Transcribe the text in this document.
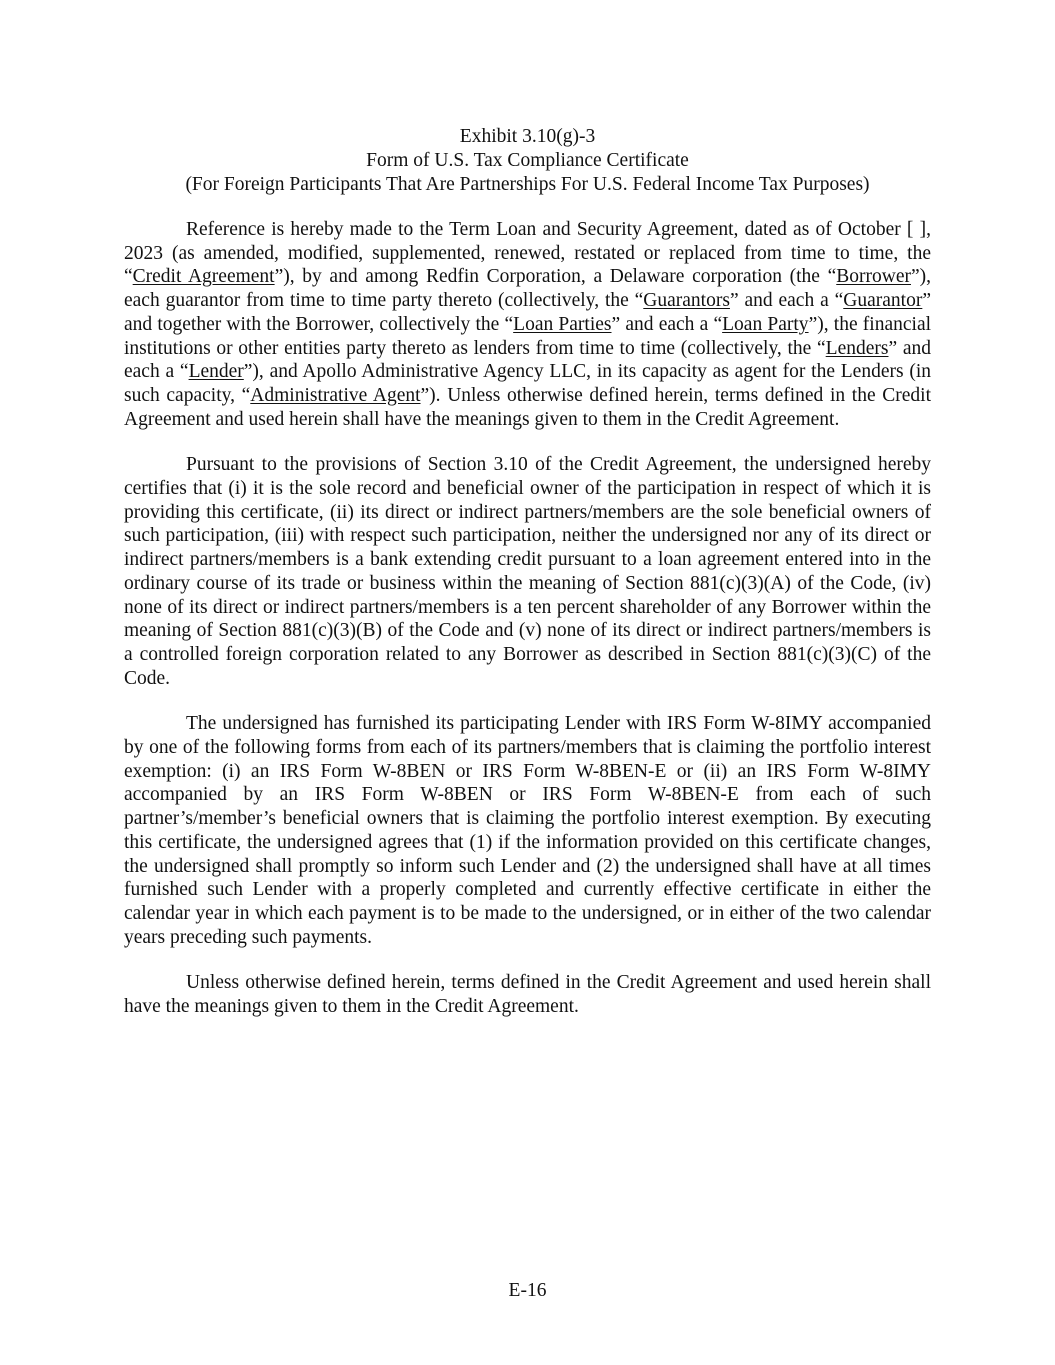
Exhibit 3.10(g)-3
Form of U.S. Tax Compliance Certificate
(For Foreign Participants That Are Partnerships For U.S. Federal Income Tax Purposes)

Reference is hereby made to the Term Loan and Security Agreement, dated as of October [ ], 2023 (as amended, modified, supplemented, renewed, restated or replaced from time to time, the “Credit Agreement”), by and among Redfin Corporation, a Delaware corporation (the “Borrower”), each guarantor from time to time party thereto (collectively, the “Guarantors” and each a “Guarantor” and together with the Borrower, collectively the “Loan Parties” and each a “Loan Party”), the financial institutions or other entities party thereto as lenders from time to time (collectively, the “Lenders” and each a “Lender”), and Apollo Administrative Agency LLC, in its capacity as agent for the Lenders (in such capacity, “Administrative Agent”). Unless otherwise defined herein, terms defined in the Credit Agreement and used herein shall have the meanings given to them in the Credit Agreement.

Pursuant to the provisions of Section 3.10 of the Credit Agreement, the undersigned hereby certifies that (i) it is the sole record and beneficial owner of the participation in respect of which it is providing this certificate, (ii) its direct or indirect partners/members are the sole beneficial owners of such participation, (iii) with respect such participation, neither the undersigned nor any of its direct or indirect partners/members is a bank extending credit pursuant to a loan agreement entered into in the ordinary course of its trade or business within the meaning of Section 881(c)(3)(A) of the Code, (iv) none of its direct or indirect partners/members is a ten percent shareholder of any Borrower within the meaning of Section 881(c)(3)(B) of the Code and (v) none of its direct or indirect partners/members is a controlled foreign corporation related to any Borrower as described in Section 881(c)(3)(C) of the Code.

The undersigned has furnished its participating Lender with IRS Form W-8IMY accompanied by one of the following forms from each of its partners/members that is claiming the portfolio interest exemption: (i) an IRS Form W-8BEN or IRS Form W-8BEN-E or (ii) an IRS Form W-8IMY accompanied by an IRS Form W-8BEN or IRS Form W-8BEN-E from each of such partner’s/member’s beneficial owners that is claiming the portfolio interest exemption. By executing this certificate, the undersigned agrees that (1) if the information provided on this certificate changes, the undersigned shall promptly so inform such Lender and (2) the undersigned shall have at all times furnished such Lender with a properly completed and currently effective certificate in either the calendar year in which each payment is to be made to the undersigned, or in either of the two calendar years preceding such payments.

Unless otherwise defined herein, terms defined in the Credit Agreement and used herein shall have the meanings given to them in the Credit Agreement.

E-16
